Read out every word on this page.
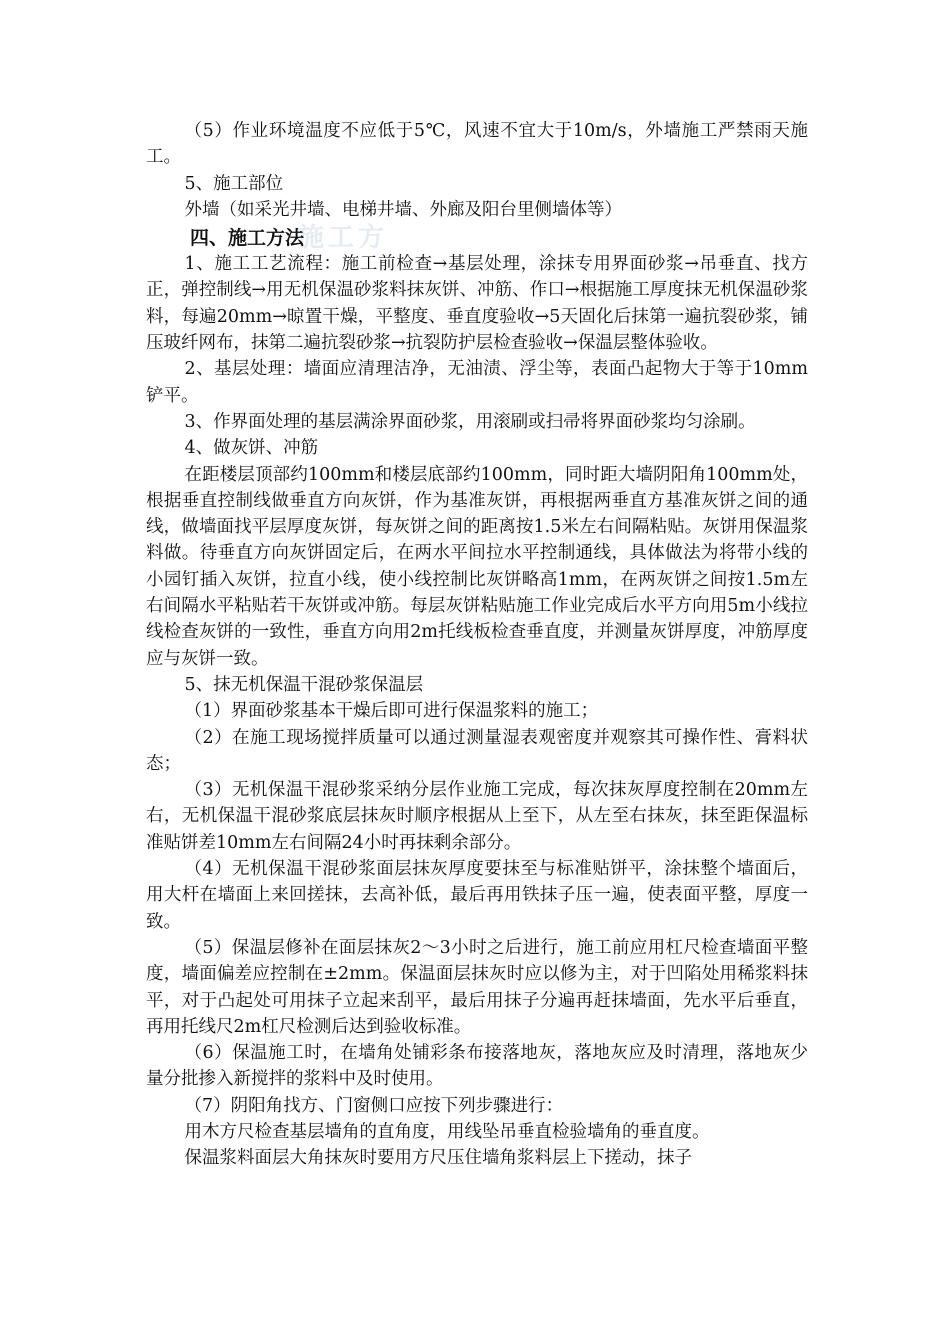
（5）作业环境温度不应低于5℃，风速不宜大于10m/s，外墙施工严禁雨天施工。

5、施工部位

外墙（如采光井墙、电梯井墙、外廊及阳台里侧墙体等）

施工方
四、施工方法

1、施工工艺流程：施工前检查→基层处理，涂抹专用界面砂浆→吊垂直、找方正，弹控制线→用无机保温砂浆料抹灰饼、冲筋、作口→根据施工厚度抹无机保温砂浆料，每遍20mm→晾置干燥，平整度、垂直度验收→5天固化后抹第一遍抗裂砂浆，铺压玻纤网布，抹第二遍抗裂砂浆→抗裂防护层检查验收→保温层整体验收。

2、基层处理：墙面应清理洁净，无油渍、浮尘等，表面凸起物大于等于10mm铲平。

3、作界面处理的基层满涂界面砂浆，用滚刷或扫帚将界面砂浆均匀涂刷。

4、做灰饼、冲筋

在距楼层顶部约100mm和楼层底部约100mm，同时距大墙阴阳角100mm处，根据垂直控制线做垂直方向灰饼，作为基准灰饼，再根据两垂直方基准灰饼之间的通线，做墙面找平层厚度灰饼，每灰饼之间的距离按1.5米左右间隔粘贴。灰饼用保温浆料做。待垂直方向灰饼固定后，在两水平间拉水平控制通线，具体做法为将带小线的小园钉插入灰饼，拉直小线，使小线控制比灰饼略高1mm，在两灰饼之间按1.5m左右间隔水平粘贴若干灰饼或冲筋。每层灰饼粘贴施工作业完成后水平方向用5m小线拉线检查灰饼的一致性，垂直方向用2m托线板检查垂直度，并测量灰饼厚度，冲筋厚度应与灰饼一致。

5、抹无机保温干混砂浆保温层

（1）界面砂浆基本干燥后即可进行保温浆料的施工；

（2）在施工现场搅拌质量可以通过测量湿表观密度并观察其可操作性、膏料状态；

（3）无机保温干混砂浆采纳分层作业施工完成，每次抹灰厚度控制在20mm左右，无机保温干混砂浆底层抹灰时顺序根据从上至下，从左至右抹灰，抹至距保温标准贴饼差10mm左右间隔24小时再抹剩余部分。

（4）无机保温干混砂浆面层抹灰厚度要抹至与标准贴饼平，涂抹整个墙面后，用大杆在墙面上来回搓抹，去高补低，最后再用铁抹子压一遍，使表面平整，厚度一致。

（5）保温层修补在面层抹灰2～3小时之后进行，施工前应用杠尺检查墙面平整度，墙面偏差应控制在±2mm。保温面层抹灰时应以修为主，对于凹陷处用稀浆料抹平，对于凸起处可用抹子立起来刮平，最后用抹子分遍再赶抹墙面，先水平后垂直，再用托线尺2m杠尺检测后达到验收标准。

（6）保温施工时，在墙角处铺彩条布接落地灰，落地灰应及时清理，落地灰少量分批掺入新搅拌的浆料中及时使用。

（7）阴阳角找方、门窗侧口应按下列步骤进行：

用木方尺检查基层墙角的直角度，用线坠吊垂直检验墙角的垂直度。

保温浆料面层大角抹灰时要用方尺压住墙角浆料层上下搓动，抹子
